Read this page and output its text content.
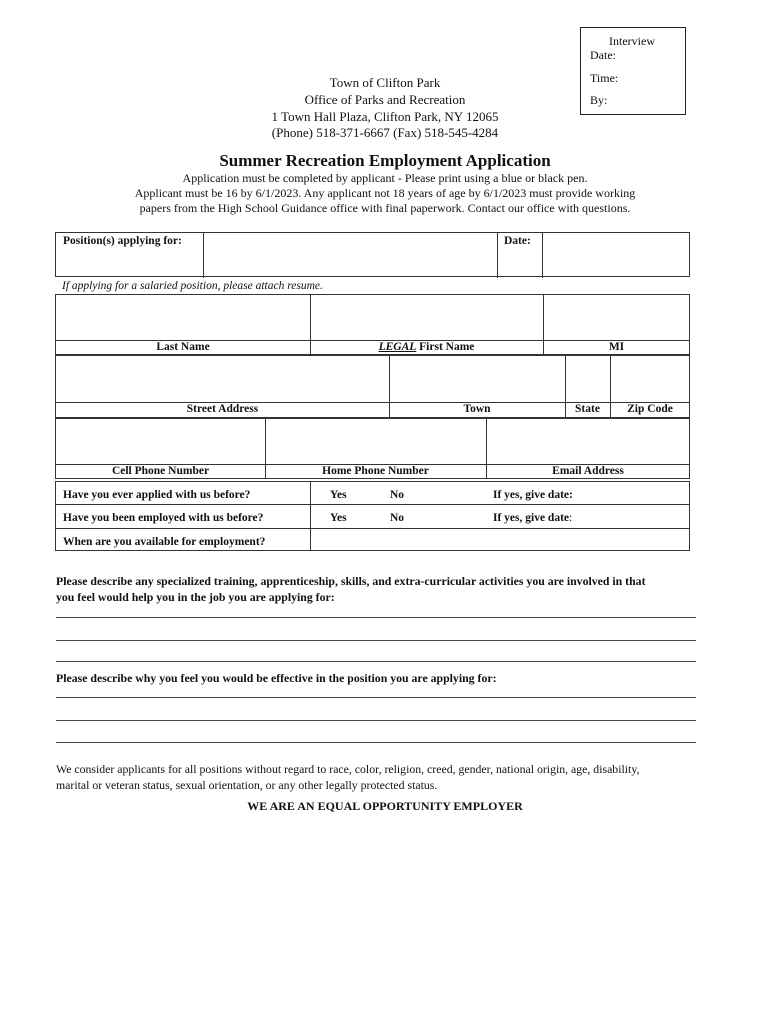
Interview
Date:
Time:
By:
Town of Clifton Park
Office of Parks and Recreation
1 Town Hall Plaza, Clifton Park, NY 12065
(Phone) 518-371-6667 (Fax) 518-545-4284
Summer Recreation Employment Application
Application must be completed by applicant - Please print using a blue or black pen.
Applicant must be 16 by 6/1/2023. Any applicant not 18 years of age by 6/1/2023 must provide working
papers from the High School Guidance office with final paperwork. Contact our office with questions.
Position(s) applying for:	Date:
If applying for a salaried position, please attach resume.
Last Name	LEGAL First Name	MI
Street Address	Town	State	Zip Code
Cell Phone Number	Home Phone Number	Email Address
Have you ever applied with us before?	Yes	No	If yes, give date:
Have you been employed with us before?	Yes	No	If yes, give date:
When are you available for employment?
Please describe any specialized training, apprenticeship, skills, and extra-curricular activities you are involved in that
you feel would help you in the job you are applying for:
Please describe why you feel you would be effective in the position you are applying for:
We consider applicants for all positions without regard to race, color, religion, creed, gender, national origin, age, disability,
marital or veteran status, sexual orientation, or any other legally protected status.
WE ARE AN EQUAL OPPORTUNITY EMPLOYER
